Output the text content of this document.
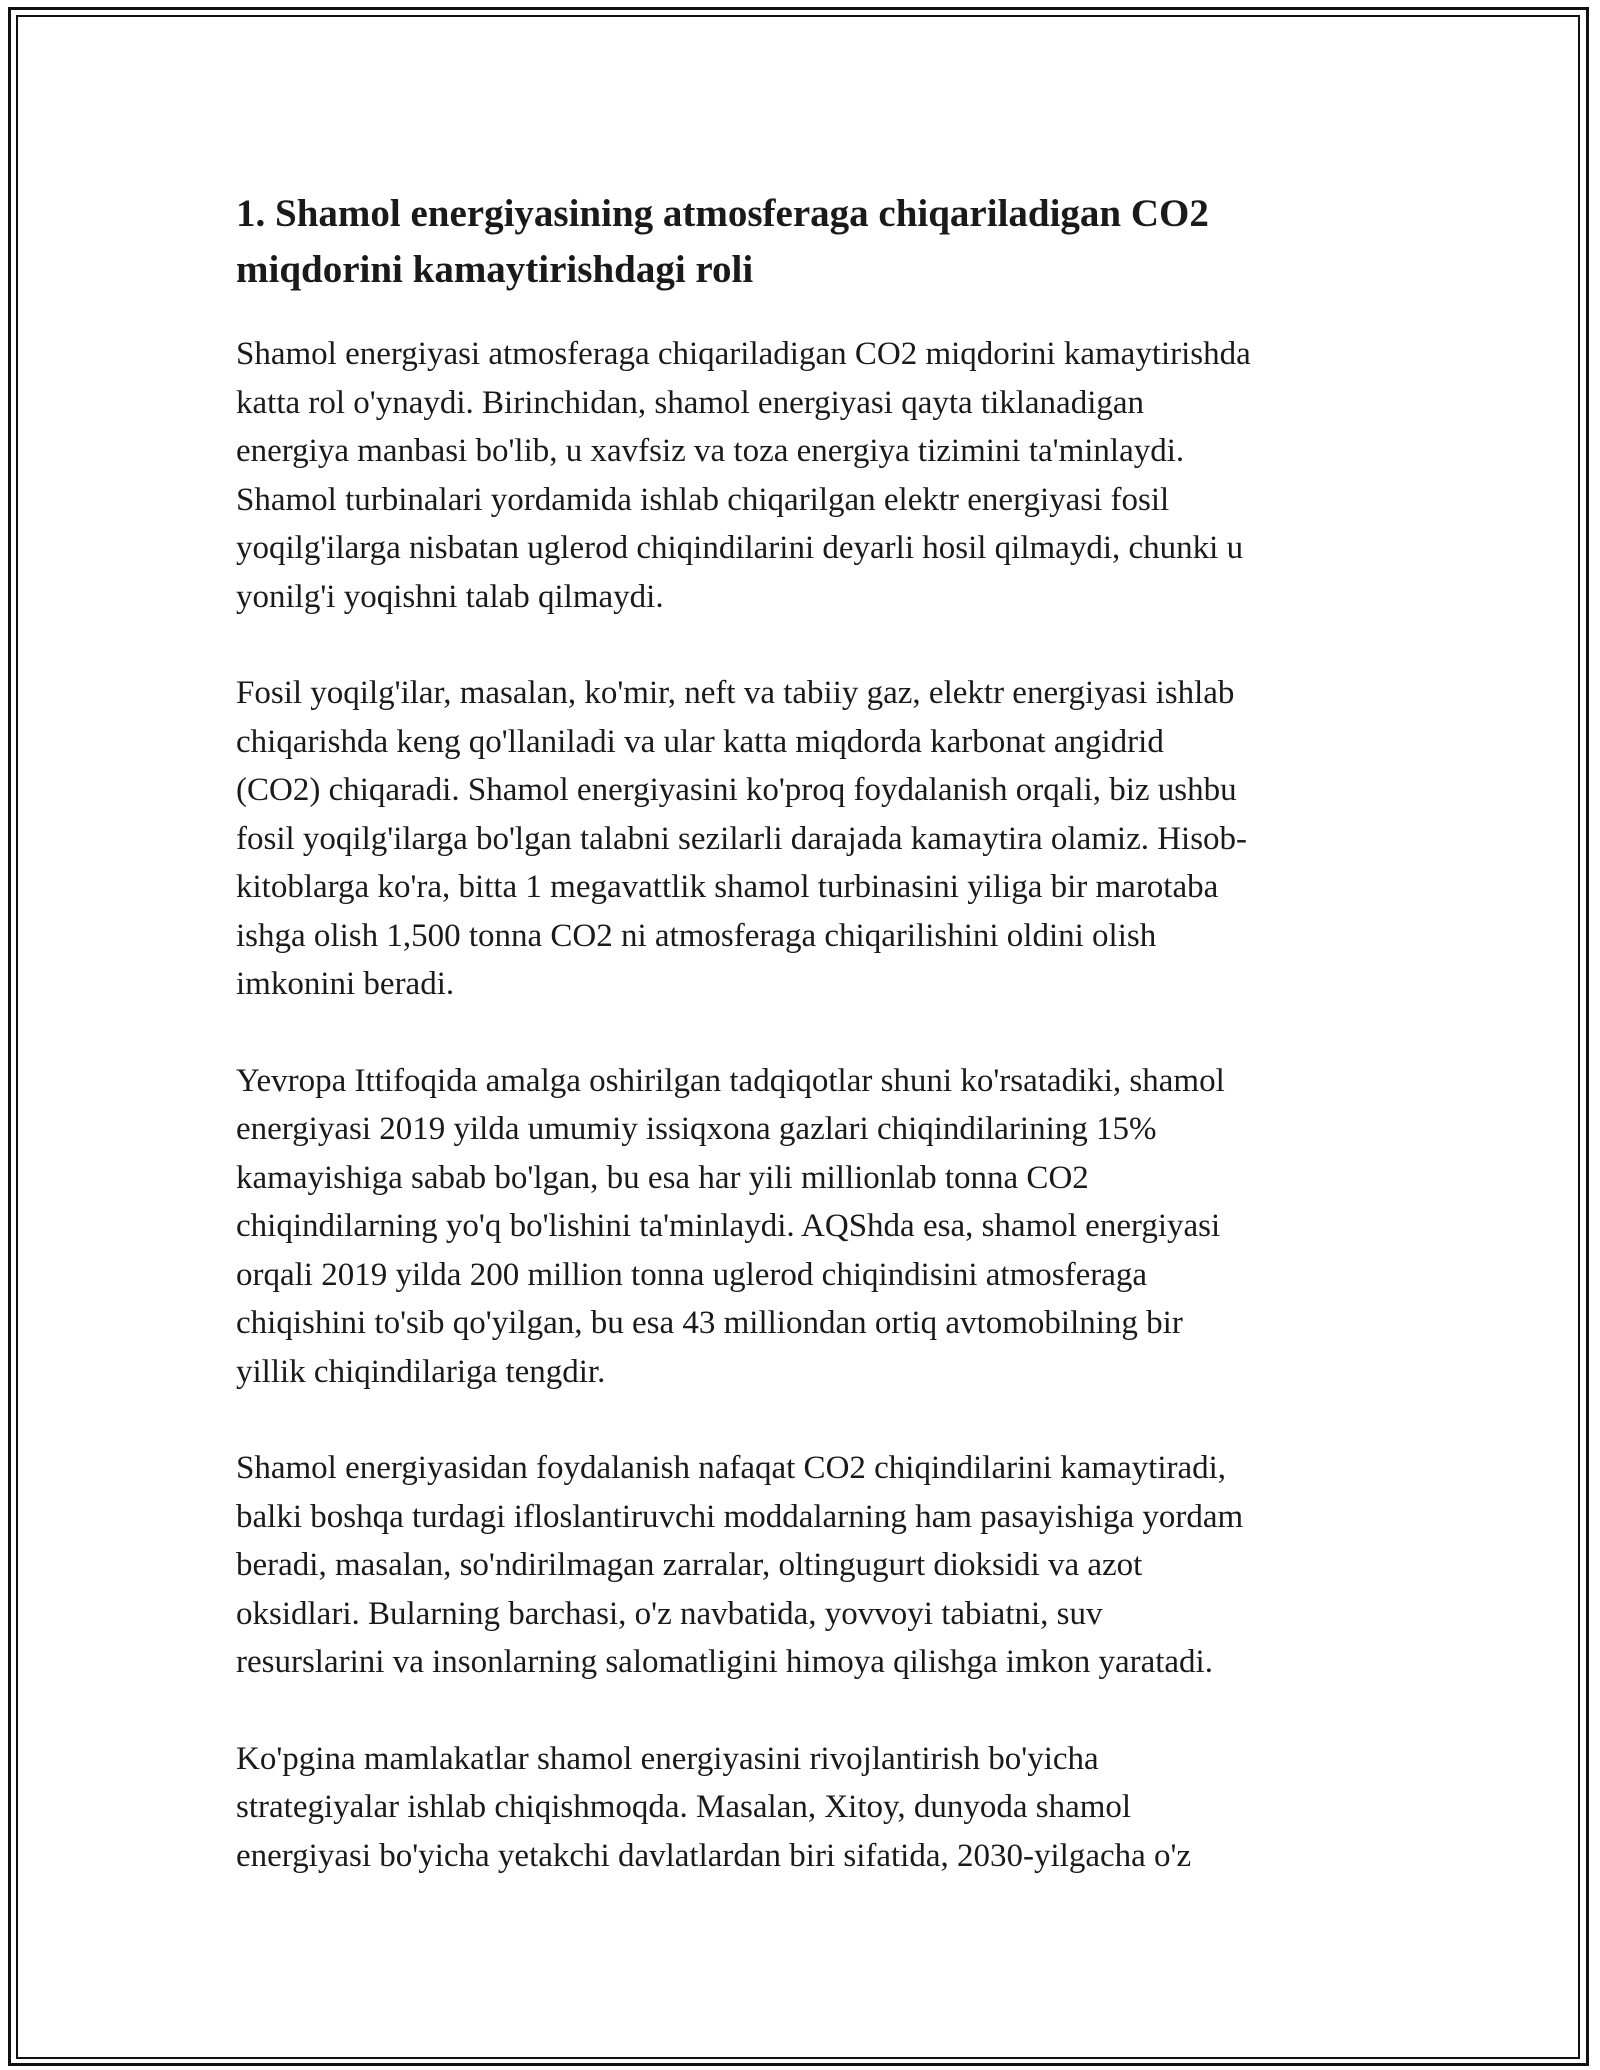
1. Shamol energiyasining atmosferaga chiqariladigan CO2
miqdorini kamaytirishdagi roli

Shamol energiyasi atmosferaga chiqariladigan CO2 miqdorini kamaytirishda
katta rol o'ynaydi. Birinchidan, shamol energiyasi qayta tiklanadigan
energiya manbasi bo'lib, u xavfsiz va toza energiya tizimini ta'minlaydi.
Shamol turbinalari yordamida ishlab chiqarilgan elektr energiyasi fosil
yoqilg'ilarga nisbatan uglerod chiqindilarini deyarli hosil qilmaydi, chunki u
yonilg'i yoqishni talab qilmaydi.

Fosil yoqilg'ilar, masalan, ko'mir, neft va tabiiy gaz, elektr energiyasi ishlab
chiqarishda keng qo'llaniladi va ular katta miqdorda karbonat angidrid
(CO2) chiqaradi. Shamol energiyasini ko'proq foydalanish orqali, biz ushbu
fosil yoqilg'ilarga bo'lgan talabni sezilarli darajada kamaytira olamiz. Hisob-
kitoblarga ko'ra, bitta 1 megavattlik shamol turbinasini yiliga bir marotaba
ishga olish 1,500 tonna CO2 ni atmosferaga chiqarilishini oldini olish
imkonini beradi.

Yevropa Ittifoqida amalga oshirilgan tadqiqotlar shuni ko'rsatadiki, shamol
energiyasi 2019 yilda umumiy issiqxona gazlari chiqindilarining 15%
kamayishiga sabab bo'lgan, bu esa har yili millionlab tonna CO2
chiqindilarning yo'q bo'lishini ta'minlaydi. AQShda esa, shamol energiyasi
orqali 2019 yilda 200 million tonna uglerod chiqindisini atmosferaga
chiqishini to'sib qo'yilgan, bu esa 43 milliondan ortiq avtomobilning bir
yillik chiqindilariga tengdir.

Shamol energiyasidan foydalanish nafaqat CO2 chiqindilarini kamaytiradi,
balki boshqa turdagi ifloslantiruvchi moddalarning ham pasayishiga yordam
beradi, masalan, so'ndirilmagan zarralar, oltingugurt dioksidi va azot
oksidlari. Bularning barchasi, o'z navbatida, yovvoyi tabiatni, suv
resurslarini va insonlarning salomatligini himoya qilishga imkon yaratadi.

Ko'pgina mamlakatlar shamol energiyasini rivojlantirish bo'yicha
strategiyalar ishlab chiqishmoqda. Masalan, Xitoy, dunyoda shamol
energiyasi bo'yicha yetakchi davlatlardan biri sifatida, 2030-yilgacha o'z
